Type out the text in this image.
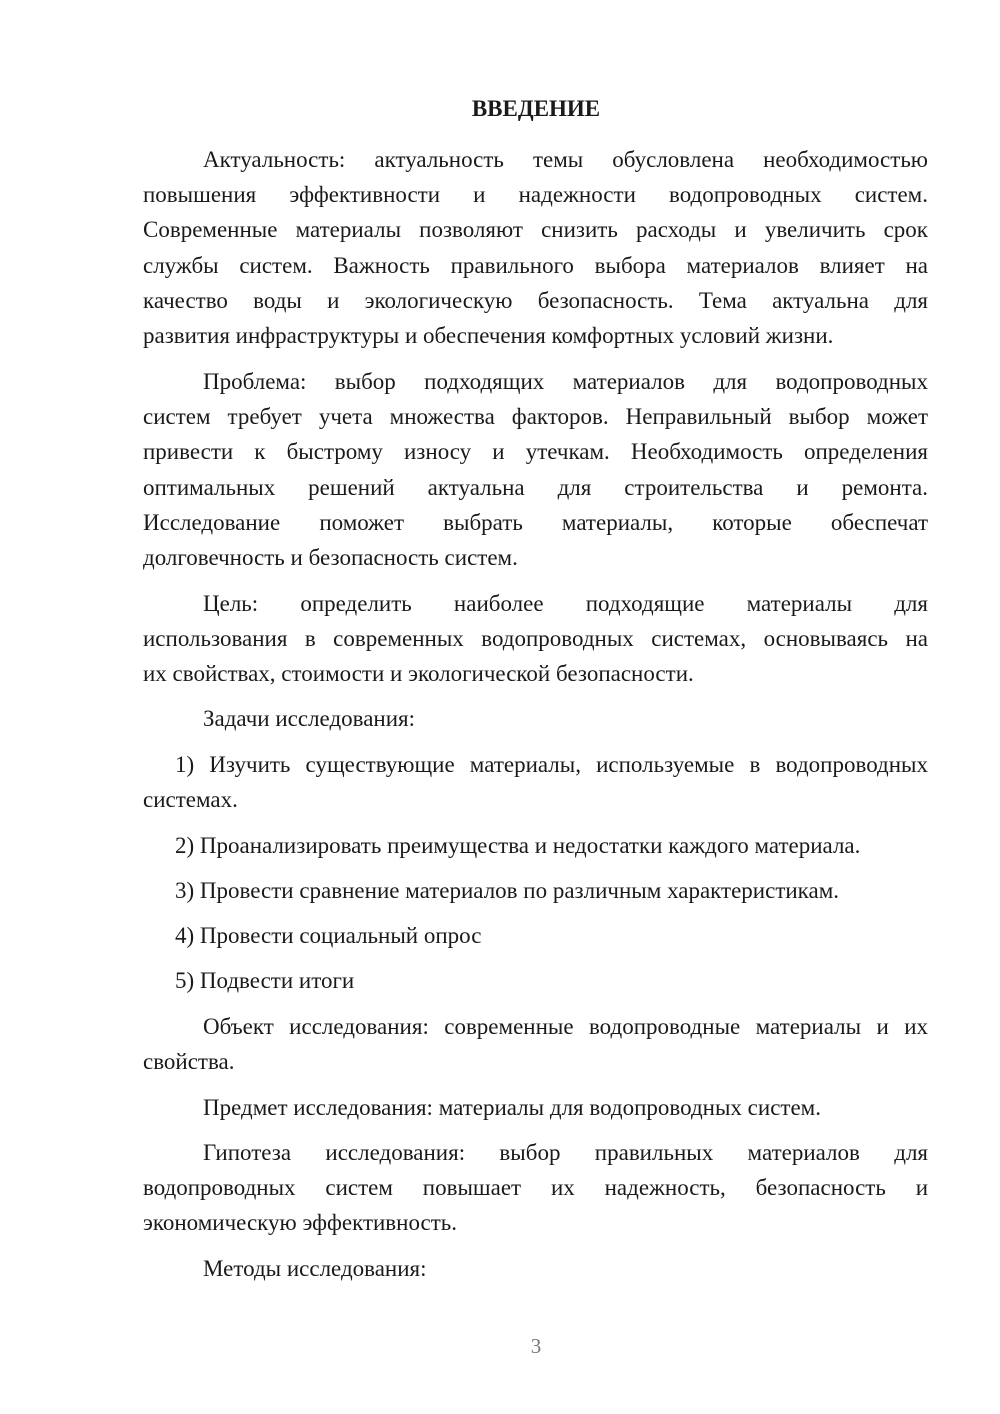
ВВЕДЕНИЕ
Актуальность: актуальность темы обусловлена необходимостью
повышения эффективности и надежности водопроводных систем.
Современные материалы позволяют снизить расходы и увеличить срок
службы систем. Важность правильного выбора материалов влияет на
качество воды и экологическую безопасность. Тема актуальна для
развития инфраструктуры и обеспечения комфортных условий жизни.
Проблема: выбор подходящих материалов для водопроводных
систем требует учета множества факторов. Неправильный выбор может
привести к быстрому износу и утечкам. Необходимость определения
оптимальных решений актуальна для строительства и ремонта.
Исследование поможет выбрать материалы, которые обеспечат
долговечность и безопасность систем.
Цель: определить наиболее подходящие материалы для
использования в современных водопроводных системах, основываясь на
их свойствах, стоимости и экологической безопасности.
Задачи исследования:
1) Изучить существующие материалы, используемые в водопроводных
системах.
2) Проанализировать преимущества и недостатки каждого материала.
3) Провести сравнение материалов по различным характеристикам.
4) Провести социальный опрос
5) Подвести итоги
Объект исследования: современные водопроводные материалы и их
свойства.
Предмет исследования: материалы для водопроводных систем.
Гипотеза исследования: выбор правильных материалов для
водопроводных систем повышает их надежность, безопасность и
экономическую эффективность.
Методы исследования:
3
